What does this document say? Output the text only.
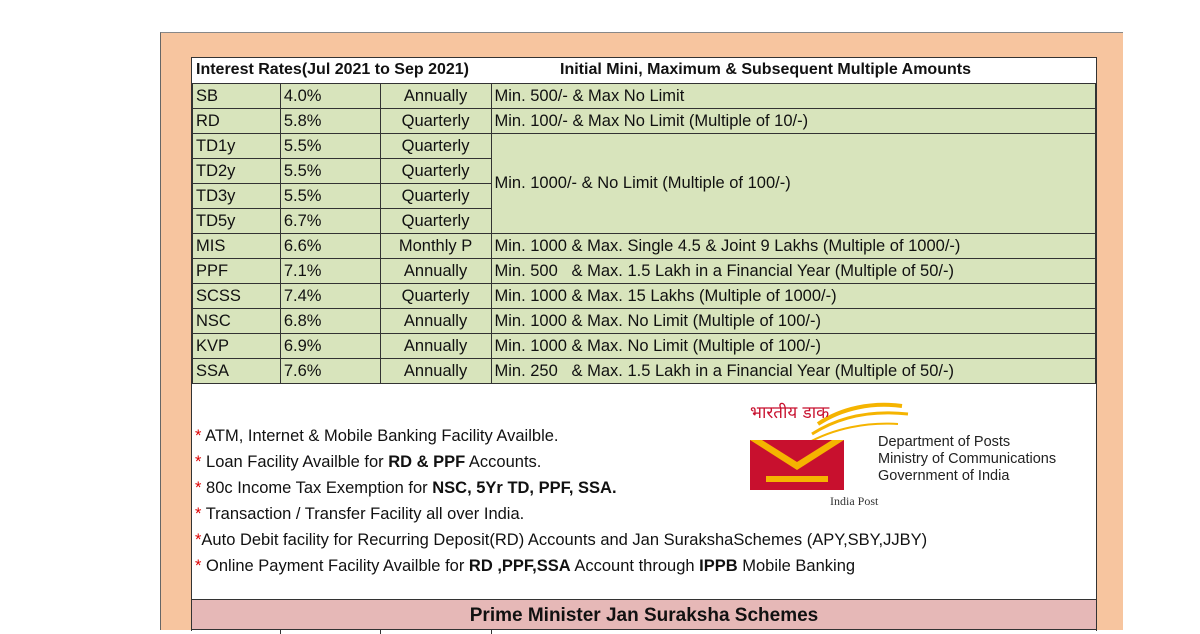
Interest Rates(Jul 2021 to Sep 2021)	Initial Mini, Maximum & Subsequent Multiple Amounts
SB	4.0%	Annually	Min. 500/- & Max No Limit
RD	5.8%	Quarterly	Min. 100/- & Max No Limit (Multiple of 10/-)
TD1y	5.5%	Quarterly	Min. 1000/- & No Limit (Multiple of 100/-)
TD2y	5.5%	Quarterly	
TD3y	5.5%	Quarterly	
TD5y	6.7%	Quarterly	
MIS	6.6%	Monthly P	Min. 1000 & Max. Single 4.5 & Joint 9 Lakhs (Multiple of 1000/-)
PPF	7.1%	Annually	Min. 500   & Max. 1.5 Lakh in a Financial Year (Multiple of 50/-)
SCSS	7.4%	Quarterly	Min. 1000 & Max. 15 Lakhs (Multiple of 1000/-)
NSC	6.8%	Annually	Min. 1000 & Max. No Limit (Multiple of 100/-)
KVP	6.9%	Annually	Min. 1000 & Max. No Limit (Multiple of 100/-)
SSA	7.6%	Annually	Min. 250   & Max. 1.5 Lakh in a Financial Year (Multiple of 50/-)
* ATM, Internet & Mobile Banking Facility Availble.
* Loan Facility Availble for RD & PPF Accounts.
* 80c Income Tax Exemption for NSC, 5Yr TD, PPF, SSA.
* Transaction / Transfer Facility all over India.
*Auto Debit facility for Recurring Deposit(RD) Accounts and Jan SurakshaSchemes (APY,SBY,JJBY)
* Online Payment Facility Availble for RD ,PPF,SSA Account through IPPB Mobile Banking
भारतीय डाक
India Post
Department of Posts
Ministry of Communications
Government of India
Prime Minister Jan Suraksha Schemes
